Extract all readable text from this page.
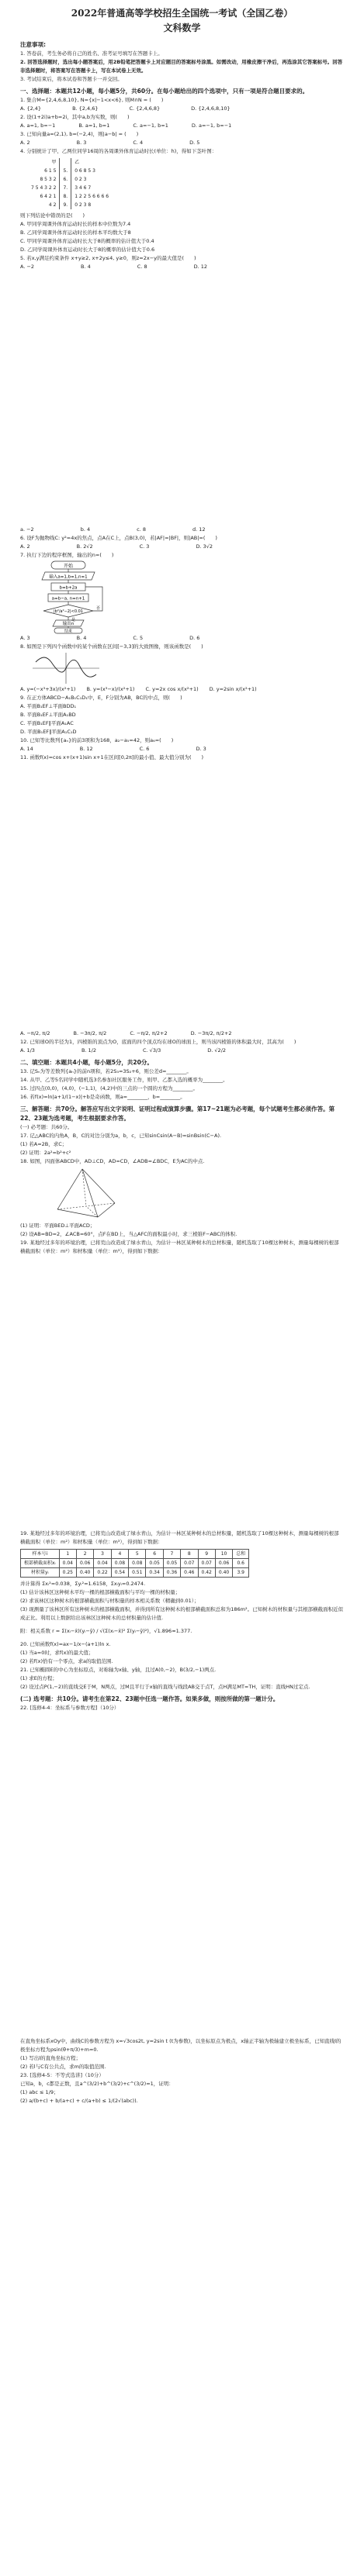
2022年普通高等学校招生全国统一考试（全国乙卷）
文科数学
注意事项:
1. 答卷前，考生务必将自己的姓名、准考证号填写在答题卡上。
2. 回答选择题时，选出每小题答案后，用2B铅笔把答题卡上对应题目的答案标号涂黑。如需改动，用橡皮擦干净后，再选涂其它答案标号。回答非选择题时，将答案写在答题卡上，写在本试卷上无效。
3. 考试结束后，将本试卷和答题卡一并交回。
一、选择题：本题共12小题，每小题5分，共60分。在每小题给出的四个选项中，只有一项是符合题目要求的。
1. 集合M={2,4,6,8,10}, N={x|−1<x<6}, 则M∩N = (　　)
A. {2,4}	B. {2,4,6}	C. {2,4,6,8}	D. {2,4,6,8,10}
2. 设(1+2i)a+b=2i，其中a,b为实数，则(　　)
A. a=1, b=−1	B. a=1, b=1	C. a=−1, b=1	D. a=−1, b=−1
3. 已知向量a=(2,1), b=(−2,4)，则|a−b| = (　　)
A. 2	B. 3	C. 4	D. 5
4. 分别统计了甲、乙两位同学16周的各周课外体育运动时长(单位：h)，得如下茎叶图：
甲		乙
6 1 5	5.	0 6 8 5 3
8 5 3 2	6.	0 2 3
7 5 4 3 2 2	7.	3 4 6 7
6 4 2 1	8.	1 2 2 5 6 6 6 6
4 2	9.	0 2 3 8
则下列结论中错误的是(　　)
A. 甲同学周课外体育运动时长的样本中位数为7.4
B. 乙同学周课外体育运动时长的样本平均数大于8
C. 甲同学周课外体育运动时长大于8的概率的估计值大于0.4
D. 乙同学周课外体育运动时长大于8的概率的估计值大于0.6
5. 若x,y满足约束条件 x+y≥2, x+2y≤4, y≥0，则z=2x−y的最大值是(　　)
A. −2	B. 4	C. 8	D. 12
a. −2	b. 4	c. 8	d. 12
6. 设F为抛物线C: y²=4x的焦点，点A在C上，点B(3,0)，若|AF|=|BF|，则|AB|=(　　)
A. 2	B. 2√2	C. 3	D. 3√2
7. 执行下边的程序框图，输出的n=(　　)
开始
输入a=1,b=1,n=1
b=b+2a
a=b−a, n=n+1
|b²/a²−2|<0.01
否
是
输出n
结束
A. 3	B. 4	C. 5	D. 6
8. 如图是下列四个函数中的某个函数在区间[−3,3]的大致图像，则该函数是(　　)
A. y=(−x³+3x)/(x²+1) B. y=(x³−x)/(x²+1) C. y=2x cos x/(x²+1) D. y=2sin x/(x²+1)
9. 在正方体ABCD−A₁B₁C₁D₁中，E，F分别为AB，BC的中点，则(　　)
A. 平面B₁EF⊥平面BDD₁
B. 平面B₁EF⊥平面A₁BD
C. 平面B₁EF∥平面A₁AC
D. 平面B₁EF∥平面A₁C₁D
10. 已知等比数列{aₙ}的前3项和为168，a₂−a₅=42，则a₆=(　　)
A. 14	B. 12	C. 6	D. 3
11. 函数f(x)=cos x+(x+1)sin x+1在区间[0,2π]的最小值、最大值分别为(　　)
A. −π/2, π/2	B. −3π/2, π/2	C. −π/2, π/2+2	D. −3π/2, π/2+2
12. 已知球O的半径为1，四棱锥的顶点为O，底面的四个顶点均在球O的球面上，则当该四棱锥的体积最大时，其高为(　　)
A. 1/3	B. 1/2	C. √3/3	D. √2/2
二、填空题：本题共4小题，每小题5分，共20分。
13. 记Sₙ为等差数列{aₙ}的前n项和，若2S₃=3S₂+6，则公差d=________。
14. 从甲、乙等5名同学中随机选3名参加社区服务工作，则甲、乙都入选的概率为________。
15. 过四点(0,0)，(4,0)，(−1,1)，(4,2)中的三点的一个圆的方程为________。
16. 若f(x)=ln|a+1/(1−x)|+b是奇函数，则a=________，b=________。
三、解答题：共70分。解答应写出文字说明、证明过程或演算步骤。第17~21题为必考题，每个试题考生都必须作答。第22、23题为选考题，考生根据要求作答。
(一) 必考题：共60分。
17. 记△ABC的内角A，B，C的对边分别为a，b，c，已知sinCsin(A−B)=sinBsin(C−A).
(1) 若A=2B，求C；
(2) 证明：2a²=b²+c²
18. 如图，四面体ABCD中，AD⊥CD，AD=CD，∠ADB=∠BDC，E为AC的中点.
(1) 证明：平面BED⊥平面ACD；
(2) 设AB=BD=2，∠ACB=60°，点F在BD上，当△AFC的面积最小时，求三棱锥F−ABC的体积.
19. 某地经过多年的环境治理，已将荒山改造成了绿水青山，为估计一林区某种树木的总材积量，随机选取了10棵这种树木，测量每棵树的根部横截面积（单位：m²）和材积量（单位：m³），得到如下数据：
19. 某地经过多年的环境治理，已将荒山改造成了绿水青山，为估计一林区某种树木的总材积量，随机选取了10棵这种树木，测量每棵树的根部横截面积（单位：m²）和材积量（单位：m³），得到如下数据：
样本号i	1	2	3	4	5	6	7	8	9	10	总和
根部横截面积xᵢ	0.04	0.06	0.04	0.08	0.08	0.05	0.05	0.07	0.07	0.06	0.6
材积量yᵢ	0.25	0.40	0.22	0.54	0.51	0.34	0.36	0.46	0.42	0.40	3.9
并计算得 Σxᵢ²=0.038，Σyᵢ²=1.6158，Σxᵢyᵢ=0.2474.
(1) 估计该林区这种树木平均一棵的根部横截面积与平均一棵的材积量；
(2) 求该林区这种树木的根部横截面积与材积量的样本相关系数（精确到0.01）；
(3) 现测量了该林区所有这种树木的根部横截面积，并得到所有这种树木的根部横截面积总和为186m²。已知树木的材积量与其根部横截面积近似成正比。利用以上数据给出该林区这种树木的总材积量的估计值.
附：相关系数 r = Σ(xᵢ−x̄)(yᵢ−ȳ) / √(Σ(xᵢ−x̄)² Σ(yᵢ−ȳ)²)，√1.896≈1.377.
20. 已知函数f(x)=ax−1/x−(a+1)ln x.
(1) 当a=0时，求f(x)的最大值；
(2) 若f(x)恰有一个零点，求a的取值范围.
21. 已知椭圆E的中心为坐标原点，对称轴为x轴、y轴，且过A(0,−2)，B(3/2,−1)两点.
(1) 求E的方程；
(2) 设过点P(1,−2)的直线交E于M，N两点，过M且平行于x轴的直线与线段AB交于点T，点H满足MT=TH，证明：直线HN过定点.
(二) 选考题：共10分。请考生在第22、23题中任选一题作答。如果多做，则按所做的第一题计分。
22. [选修4-4：坐标系与参数方程]（10分）
在直角坐标系xOy中，曲线C的参数方程为 x=√3cos2t, y=2sin t (t为参数)，以坐标原点为极点，x轴正半轴为极轴建立极坐标系，已知直线l的极坐标方程为ρsin(θ+π/3)+m=0.
(1) 写出l的直角坐标方程；
(2) 若l与C有公共点，求m的取值范围.
23. [选修4-5：不等式选讲]（10分）
已知a，b，c都是正数，且a^(3/2)+b^(3/2)+c^(3/2)=1，证明：
(1) abc ≤ 1/9；
(2) a/(b+c) + b/(a+c) + c/(a+b) ≤ 1/(2√(abc)).
